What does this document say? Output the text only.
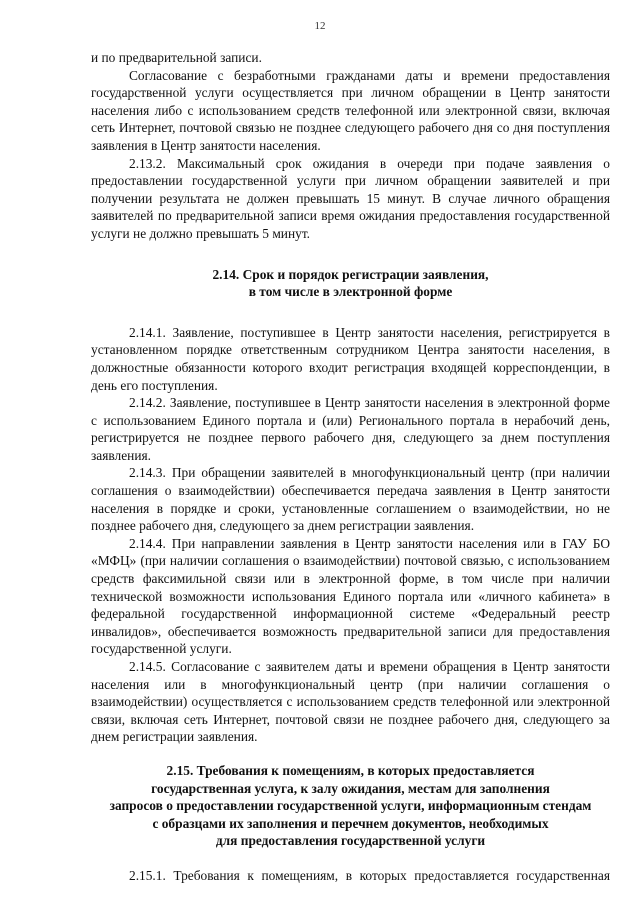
12

и по предварительной записи.

Согласование с безработными гражданами даты и времени предоставления государственной услуги осуществляется при личном обращении в Центр занятости населения либо с использованием средств телефонной или электронной связи, включая сеть Интернет, почтовой связью не позднее следующего рабочего дня со дня поступления заявления в Центр занятости населения.

2.13.2. Максимальный срок ожидания в очереди при подаче заявления о предоставлении государственной услуги при личном обращении заявителей и при получении результата не должен превышать 15 минут. В случае личного обращения заявителей по предварительной записи время ожидания предоставления государственной услуги не должно превышать 5 минут.

2.14. Срок и порядок регистрации заявления,
в том числе в электронной форме

2.14.1. Заявление, поступившее в Центр занятости населения, регистрируется в установленном порядке ответственным сотрудником Центра занятости населения, в должностные обязанности которого входит регистрация входящей корреспонденции, в день его поступления.

2.14.2. Заявление, поступившее в Центр занятости населения в электронной форме с использованием Единого портала и (или) Регионального портала в нерабочий день, регистрируется не позднее первого рабочего дня, следующего за днем поступления заявления.

2.14.3. При обращении заявителей в многофункциональный центр (при наличии соглашения о взаимодействии) обеспечивается передача заявления в Центр занятости населения в порядке и сроки, установленные соглашением о взаимодействии, но не позднее рабочего дня, следующего за днем регистрации заявления.

2.14.4. При направлении заявления в Центр занятости населения или в ГАУ БО «МФЦ» (при наличии соглашения о взаимодействии) почтовой связью, с использованием средств факсимильной связи или в электронной форме, в том числе при наличии технической возможности использования Единого портала или «личного кабинета» в федеральной государственной информационной системе «Федеральный реестр инвалидов», обеспечивается возможность предварительной записи для предоставления государственной услуги.

2.14.5. Согласование с заявителем даты и времени обращения в Центр занятости населения или в многофункциональный центр (при наличии соглашения о взаимодействии) осуществляется с использованием средств телефонной или электронной связи, включая сеть Интернет, почтовой связи не позднее рабочего дня, следующего за днем регистрации заявления.

2.15. Требования к помещениям, в которых предоставляется
государственная услуга, к залу ожидания, местам для заполнения
запросов о предоставлении государственной услуги, информационным стендам
с образцами их заполнения и перечнем документов, необходимых
для предоставления государственной услуги

2.15.1. Требования к помещениям, в которых предоставляется государственная
